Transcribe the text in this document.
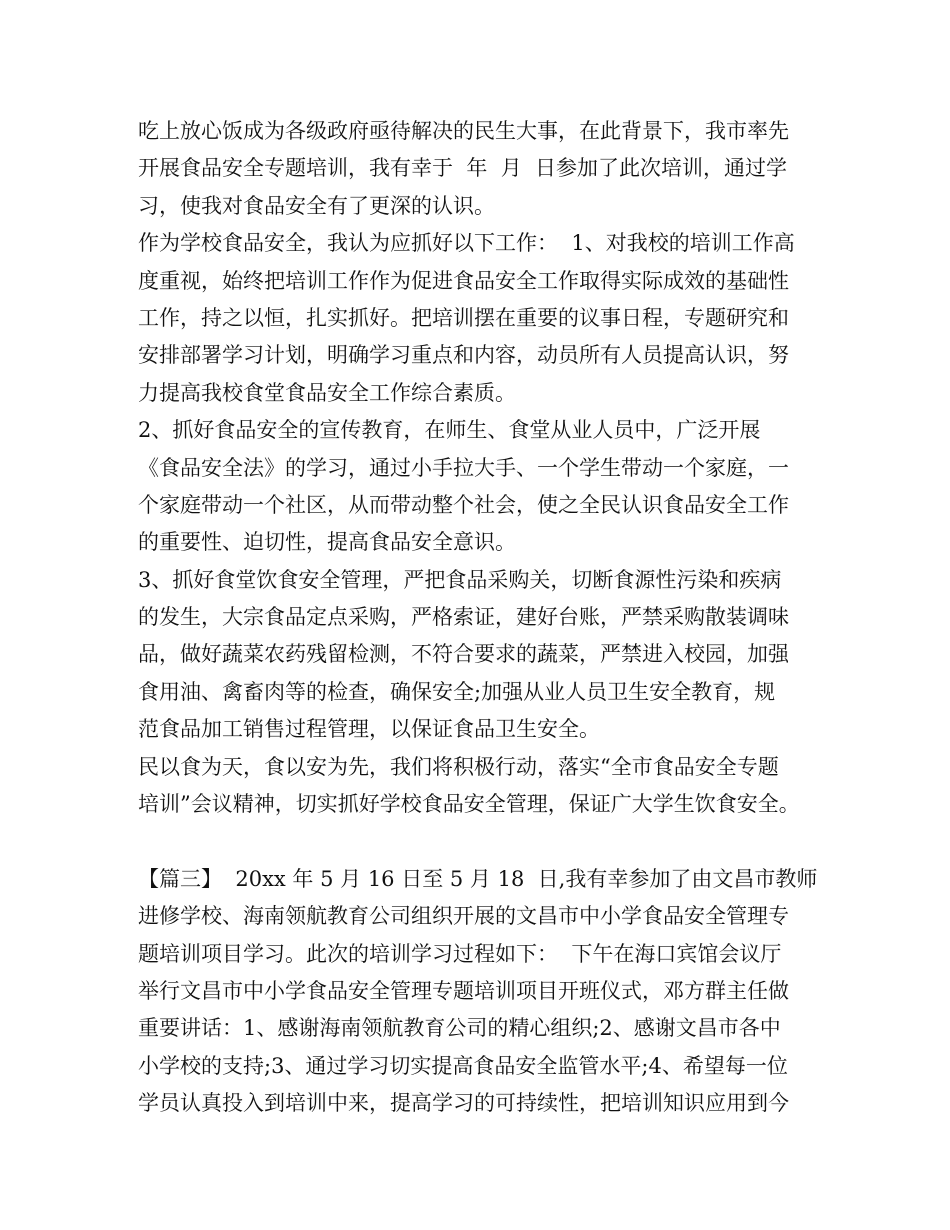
吃上放心饭成为各级政府亟待解决的民生大事，在此背景下，我市率先
开展食品安全专题培训，我有幸于  年  月  日参加了此次培训，通过学
习，使我对食品安全有了更深的认识。
作为学校食品安全，我认为应抓好以下工作：  1、对我校的培训工作高
度重视，始终把培训工作作为促进食品安全工作取得实际成效的基础性
工作，持之以恒，扎实抓好。把培训摆在重要的议事日程，专题研究和
安排部署学习计划，明确学习重点和内容，动员所有人员提高认识，努
力提高我校食堂食品安全工作综合素质。
2、抓好食品安全的宣传教育，在师生、食堂从业人员中，广泛开展
《食品安全法》的学习，通过小手拉大手、一个学生带动一个家庭，一
个家庭带动一个社区，从而带动整个社会，使之全民认识食品安全工作
的重要性、迫切性，提高食品安全意识。
3、抓好食堂饮食安全管理，严把食品采购关，切断食源性污染和疾病
的发生，大宗食品定点采购，严格索证，建好台账，严禁采购散装调味
品，做好蔬菜农药残留检测，不符合要求的蔬菜，严禁进入校园，加强
食用油、禽畜肉等的检查，确保安全;加强从业人员卫生安全教育，规
范食品加工销售过程管理，以保证食品卫生安全。
民以食为天，食以安为先，我们将积极行动，落实“全市食品安全专题
培训”会议精神，切实抓好学校食品安全管理，保证广大学生饮食安全。
【篇三】  20xx 年 5 月 16 日至 5 月 18  日,我有幸参加了由文昌市教师
进修学校、海南领航教育公司组织开展的文昌市中小学食品安全管理专
题培训项目学习。此次的培训学习过程如下：  下午在海口宾馆会议厅
举行文昌市中小学食品安全管理专题培训项目开班仪式，邓方群主任做
重要讲话：1、感谢海南领航教育公司的精心组织;2、感谢文昌市各中
小学校的支持;3、通过学习切实提高食品安全监管水平;4、希望每一位
学员认真投入到培训中来，提高学习的可持续性，把培训知识应用到今
